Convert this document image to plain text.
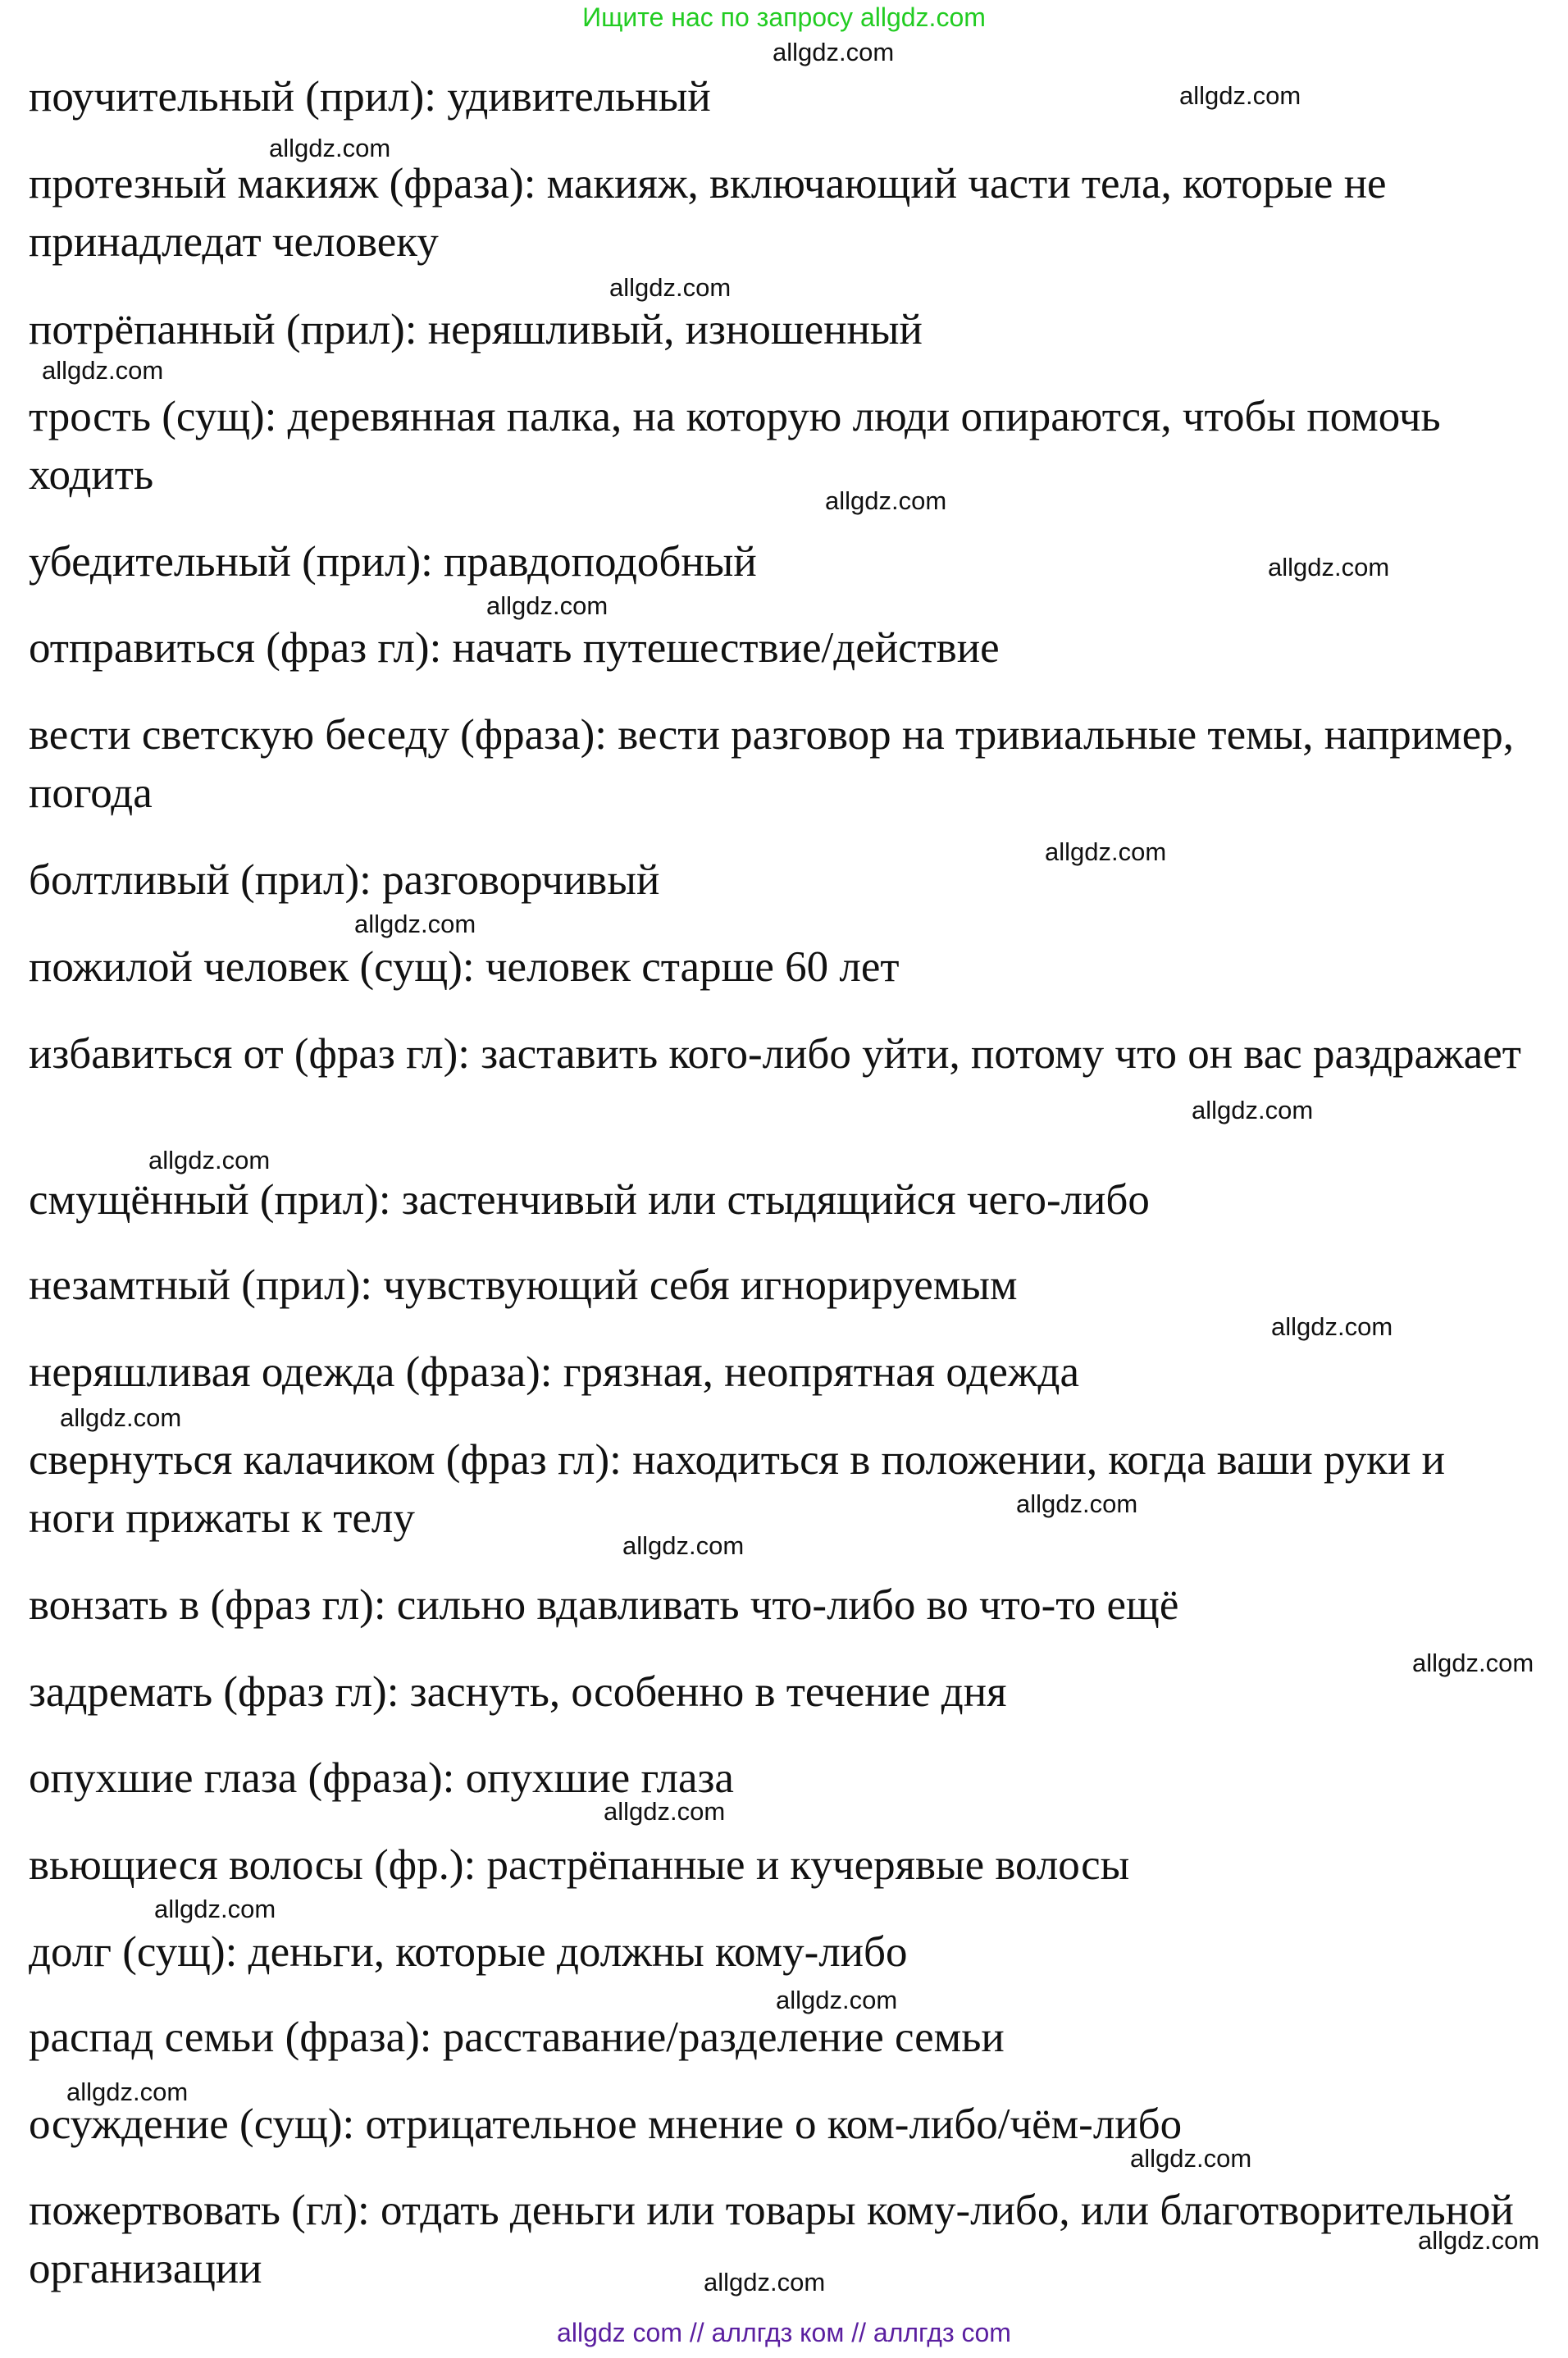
Ищите нас по запросу allgdz.com
поучительный (прил): удивительный
протезный макияж (фраза): макияж, включающий части тела, которые не принадледат человеку
потрёпанный (прил): неряшливый, изношенный
трость (сущ): деревянная палка, на которую люди опираются, чтобы помочь ходить
убедительный (прил): правдоподобный
отправиться (фраз гл): начать путешествие/действие
вести светскую беседу (фраза): вести разговор на тривиальные темы, например, погода
болтливый (прил): разговорчивый
пожилой человек (сущ): человек старше 60 лет
избавиться от (фраз гл): заставить кого-либо уйти, потому что он вас раздражает
смущённый (прил): застенчивый или стыдящийся чего-либо
незамтный (прил): чувствующий себя игнорируемым
неряшливая одежда (фраза): грязная, неопрятная одежда
свернуться калачиком (фраз гл): находиться в положении, когда ваши руки и ноги прижаты к телу
вонзать в (фраз гл): сильно вдавливать что-либо во что-то ещё
задремать (фраз гл): заснуть, особенно в течение дня
опухшие глаза (фраза): опухшие глаза
вьющиеся волосы (фр.): растрёпанные и кучерявые волосы
долг (сущ): деньги, которые должны кому-либо
распад семьи (фраза): расставание/разделение семьи
осуждение (сущ): отрицательное мнение о ком-либо/чём-либо
пожертвовать (гл): отдать деньги или товары кому-либо, или благотворительной организации
allgdz.com
allgdz.com
allgdz.com
allgdz.com
allgdz.com
allgdz.com
allgdz.com
allgdz.com
allgdz.com
allgdz.com
allgdz.com
allgdz.com
allgdz.com
allgdz.com
allgdz.com
allgdz.com
allgdz.com
allgdz.com
allgdz.com
allgdz.com
allgdz.com
allgdz.com
allgdz.com
allgdz.com
allgdz com // аллгдз ком // аллгдз com
